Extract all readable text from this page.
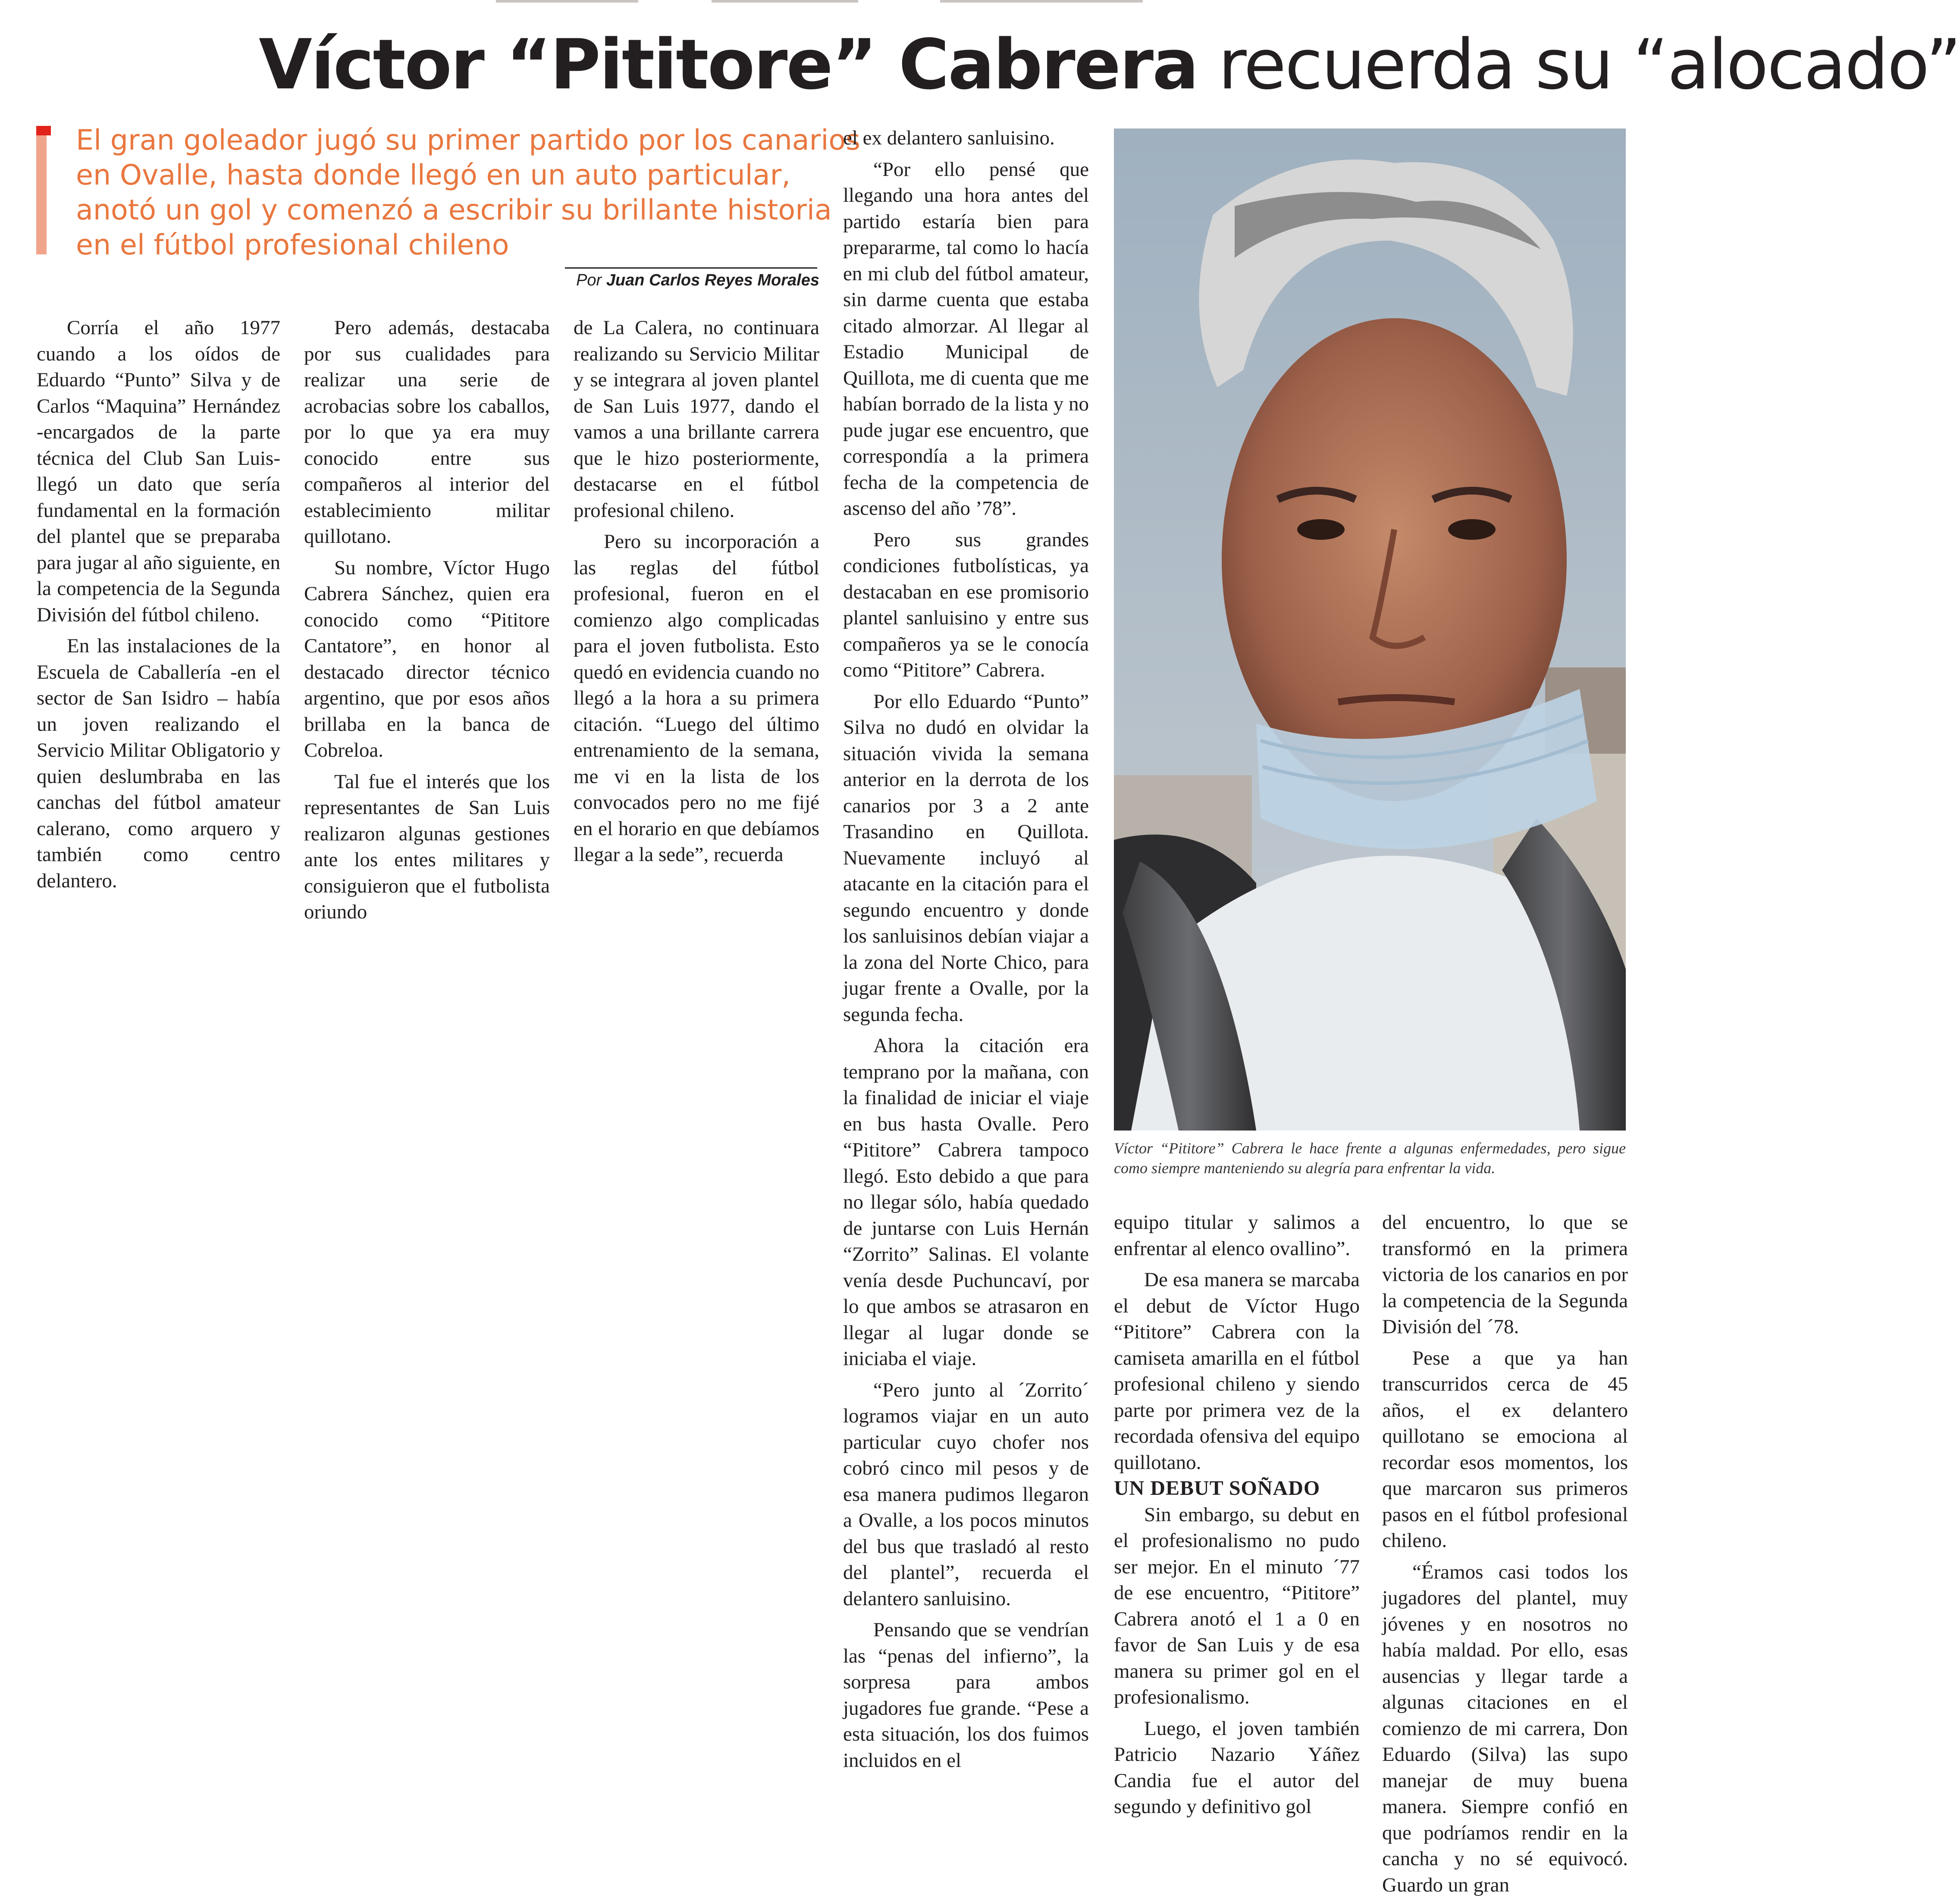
Víctor “Pititore” Cabrera recuerda su “alocado”
El gran goleador jugó su primer partido por los canarios
en Ovalle, hasta donde llegó en un auto particular,
anotó un gol y comenzó a escribir su brillante historia
en el fútbol profesional chileno
Por Juan Carlos Reyes Morales

Corría el año 1977 cuando a los oídos de Eduardo “Punto” Silva y de Carlos “Maquina” Hernández -encargados de la parte técnica del Club San Luis- llegó un dato que sería fundamental en la formación del plantel que se preparaba para jugar al año siguiente, en la competencia de la Segunda División del fútbol chileno.

En las instalaciones de la Escuela de Caballería -en el sector de San Isidro – había un joven realizando el Servicio Militar Obligatorio y quien deslumbraba en las canchas del fútbol amateur calerano, como arquero y también como centro delantero.

Pero además, destacaba por sus cualidades para realizar una serie de acrobacias sobre los caballos, por lo que ya era muy conocido entre sus compañeros al interior del establecimiento militar quillotano.

Su nombre, Víctor Hugo Cabrera Sánchez, quien era conocido como “Pititore Cantatore”, en honor al destacado director técnico argentino, que por esos años brillaba en la banca de Cobreloa.

Tal fue el interés que los representantes de San Luis realizaron algunas gestiones ante los entes militares y consiguieron que el futbolista oriundo

de La Calera, no continuara realizando su Servicio Militar y se integrara al joven plantel de San Luis 1977, dando el vamos a una brillante carrera que le hizo posteriormente, destacarse en el fútbol profesional chileno.

Pero su incorporación a las reglas del fútbol profesional, fueron en el comienzo algo complicadas para el joven futbolista. Esto quedó en evidencia cuando no llegó a la hora a su primera citación. “Luego del último entrenamiento de la semana, me vi en la lista de los convocados pero no me fijé en el horario en que debíamos llegar a la sede”, recuerda

el ex delantero sanluisino.

“Por ello pensé que llegando una hora antes del partido estaría bien para prepararme, tal como lo hacía en mi club del fútbol amateur, sin darme cuenta que estaba citado almorzar. Al llegar al Estadio Municipal de Quillota, me di cuenta que me habían borrado de la lista y no pude jugar ese encuentro, que correspondía a la primera fecha de la competencia de ascenso del año ’78”.

Pero sus grandes condiciones futbolísticas, ya destacaban en ese promisorio plantel sanluisino y entre sus compañeros ya se le conocía como “Pititore” Cabrera.

Por ello Eduardo “Punto” Silva no dudó en olvidar la situación vivida la semana anterior en la derrota de los canarios por 3 a 2 ante Trasandino en Quillota. Nuevamente incluyó al atacante en la citación para el segundo encuentro y donde los sanluisinos debían viajar a la zona del Norte Chico, para jugar frente a Ovalle, por la segunda fecha.

Ahora la citación era temprano por la mañana, con la finalidad de iniciar el viaje en bus hasta Ovalle. Pero “Pititore” Cabrera tampoco llegó. Esto debido a que para no llegar sólo, había quedado de juntarse con Luis Hernán “Zorrito” Salinas. El volante venía desde Puchuncaví, por lo que ambos se atrasaron en llegar al lugar donde se iniciaba el viaje.

“Pero junto al ´Zorrito´ logramos viajar en un auto particular cuyo chofer nos cobró cinco mil pesos y de esa manera pudimos llegaron a Ovalle, a los pocos minutos del bus que trasladó al resto del plantel”, recuerda el delantero sanluisino.

Pensando que se vendrían las “penas del infierno”, la sorpresa para ambos jugadores fue grande. “Pese a esta situación, los dos fuimos incluidos en el

equipo titular y salimos a enfrentar al elenco ovallino”.

De esa manera se marcaba el debut de Víctor Hugo “Pititore” Cabrera con la camiseta amarilla en el fútbol profesional chileno y siendo parte por primera vez de la recordada ofensiva del equipo quillotano.

UN DEBUT SOÑADO

Sin embargo, su debut en el profesionalismo no pudo ser mejor. En el minuto ´77 de ese encuentro, “Pititore” Cabrera anotó el 1 a 0 en favor de San Luis y de esa manera su primer gol en el profesionalismo.

Luego, el joven también Patricio Nazario Yáñez Candia fue el autor del segundo y definitivo gol

del encuentro, lo que se transformó en la primera victoria de los canarios en por la competencia de la Segunda División del ´78.

Pese a que ya han transcurridos cerca de 45 años, el ex delantero quillotano se emociona al recordar esos momentos, los que marcaron sus primeros pasos en el fútbol profesional chileno.

“Éramos casi todos los jugadores del plantel, muy jóvenes y en nosotros no había maldad. Por ello, esas ausencias y llegar tarde a algunas citaciones en el comienzo de mi carrera, Don Eduardo (Silva) las supo manejar de muy buena manera. Siempre confió en que podríamos rendir en la cancha y no sé equivocó. Guardo un gran

Víctor “Pititore” Cabrera le hace frente a algunas enfermedades, pero sigue como siempre manteniendo su alegría para enfrentar la vida.
